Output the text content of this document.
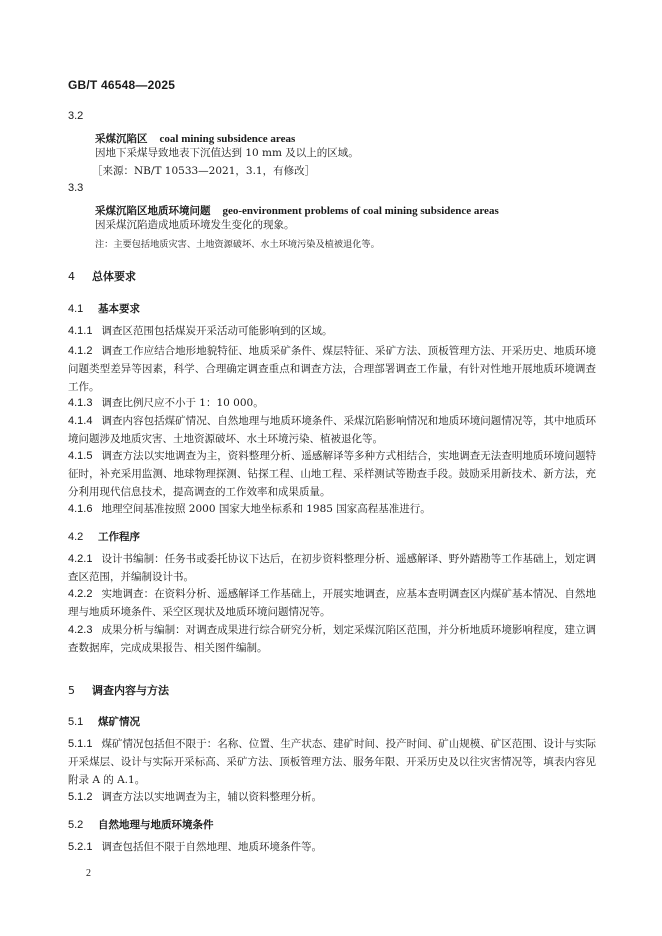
GB/T 46548—2025
3.2
采煤沉陷区 coal mining subsidence areas
因地下采煤导致地表下沉值达到 10 mm 及以上的区域。
［来源：NB/T 10533—2021，3.1，有修改］
3.3
采煤沉陷区地质环境问题 geo-environment problems of coal mining subsidence areas
因采煤沉陷造成地质环境发生变化的现象。
注：主要包括地质灾害、土地资源破坏、水土环境污染及植被退化等。
4 总体要求
4.1 基本要求
4.1.1 调查区范围包括煤炭开采活动可能影响到的区域。
4.1.2 调查工作应结合地形地貌特征、地质采矿条件、煤层特征、采矿方法、顶板管理方法、开采历史、地质环境问题类型差异等因素，科学、合理确定调查重点和调查方法，合理部署调查工作量，有针对性地开展地质环境调查工作。
4.1.3 调查比例尺应不小于 1：10 000。
4.1.4 调查内容包括煤矿情况、自然地理与地质环境条件、采煤沉陷影响情况和地质环境问题情况等，其中地质环境问题涉及地质灾害、土地资源破坏、水土环境污染、植被退化等。
4.1.5 调查方法以实地调查为主，资料整理分析、遥感解译等多种方式相结合，实地调查无法查明地质环境问题特征时，补充采用监测、地球物理探测、钻探工程、山地工程、采样测试等勘查手段。鼓励采用新技术、新方法，充分利用现代信息技术，提高调查的工作效率和成果质量。
4.1.6 地理空间基准按照 2000 国家大地坐标系和 1985 国家高程基准进行。
4.2 工作程序
4.2.1 设计书编制：任务书或委托协议下达后，在初步资料整理分析、遥感解译、野外踏勘等工作基础上，划定调查区范围，并编制设计书。
4.2.2 实地调查：在资料分析、遥感解译工作基础上，开展实地调查，应基本查明调查区内煤矿基本情况、自然地理与地质环境条件、采空区现状及地质环境问题情况等。
4.2.3 成果分析与编制：对调查成果进行综合研究分析，划定采煤沉陷区范围，并分析地质环境影响程度，建立调查数据库，完成成果报告、相关图件编制。
5 调查内容与方法
5.1 煤矿情况
5.1.1 煤矿情况包括但不限于：名称、位置、生产状态、建矿时间、投产时间、矿山规模、矿区范围、设计与实际开采煤层、设计与实际开采标高、采矿方法、顶板管理方法、服务年限、开采历史及以往灾害情况等，填表内容见附录 A 的 A.1。
5.1.2 调查方法以实地调查为主，辅以资料整理分析。
5.2 自然地理与地质环境条件
5.2.1 调查包括但不限于自然地理、地质环境条件等。
2
